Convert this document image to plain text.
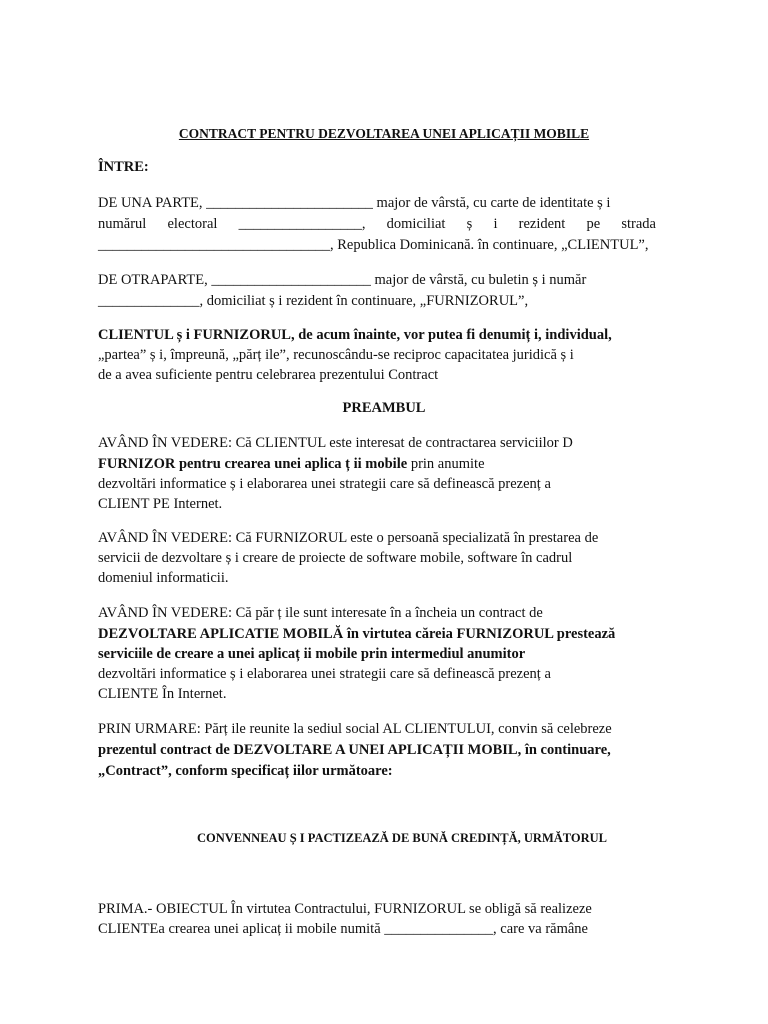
CONTRACT PENTRU DEZVOLTAREA UNEI APLICAȚII MOBILE
ÎNTRE:
DE UNA PARTE, _______________________ major de vârstă, cu carte de identitate ș i
numărul electoral _________________, domiciliat ș i rezident pe strada
________________________________, Republica Dominicană. în continuare, „CLIENTUL”,
DE OTRAPARTE, ______________________ major de vârstă, cu buletin ș i număr
______________, domiciliat ș i rezident în continuare, „FURNIZORUL”,
CLIENTUL ș i FURNIZORUL, de acum înainte, vor putea fi denumiț i, individual,
„partea” ș i, împreună, „părț ile”, recunoscându-se reciproc capacitatea juridică ș i
de a avea suficiente pentru celebrarea prezentului Contract
PREAMBUL
AVÂND ÎN VEDERE: Că CLIENTUL este interesat de contractarea serviciilor D
FURNIZOR pentru crearea unei aplica ț ii mobile prin anumite
dezvoltări informatice ș i elaborarea unei strategii care să definească prezenț a
CLIENT PE Internet.
AVÂND ÎN VEDERE: Că FURNIZORUL este o persoană specializată în prestarea de
servicii de dezvoltare ș i creare de proiecte de software mobile, software în cadrul
domeniul informaticii.
AVÂND ÎN VEDERE: Că păr ț ile sunt interesate în a încheia un contract de
DEZVOLTARE APLICATIE MOBILĂ în virtutea căreia FURNIZORUL prestează
serviciile de creare a unei aplicaț ii mobile prin intermediul anumitor
dezvoltări informatice ș i elaborarea unei strategii care să definească prezenț a
CLIENTE În Internet.
PRIN URMARE: Părț ile reunite la sediul social AL CLIENTULUI, convin să celebreze
prezentul contract de DEZVOLTARE A UNEI APLICAȚII MOBIL, în continuare,
„Contract”, conform specificaț iilor următoare:
CONVENNEAU Ș I PACTIZEAZĂ DE BUNĂ CREDINȚĂ, URMĂTORUL
PRIMA.- OBIECTUL În virtutea Contractului, FURNIZORUL se obligă să realizeze
CLIENTEa crearea unei aplicaț ii mobile numită _______________, care va rămâne
